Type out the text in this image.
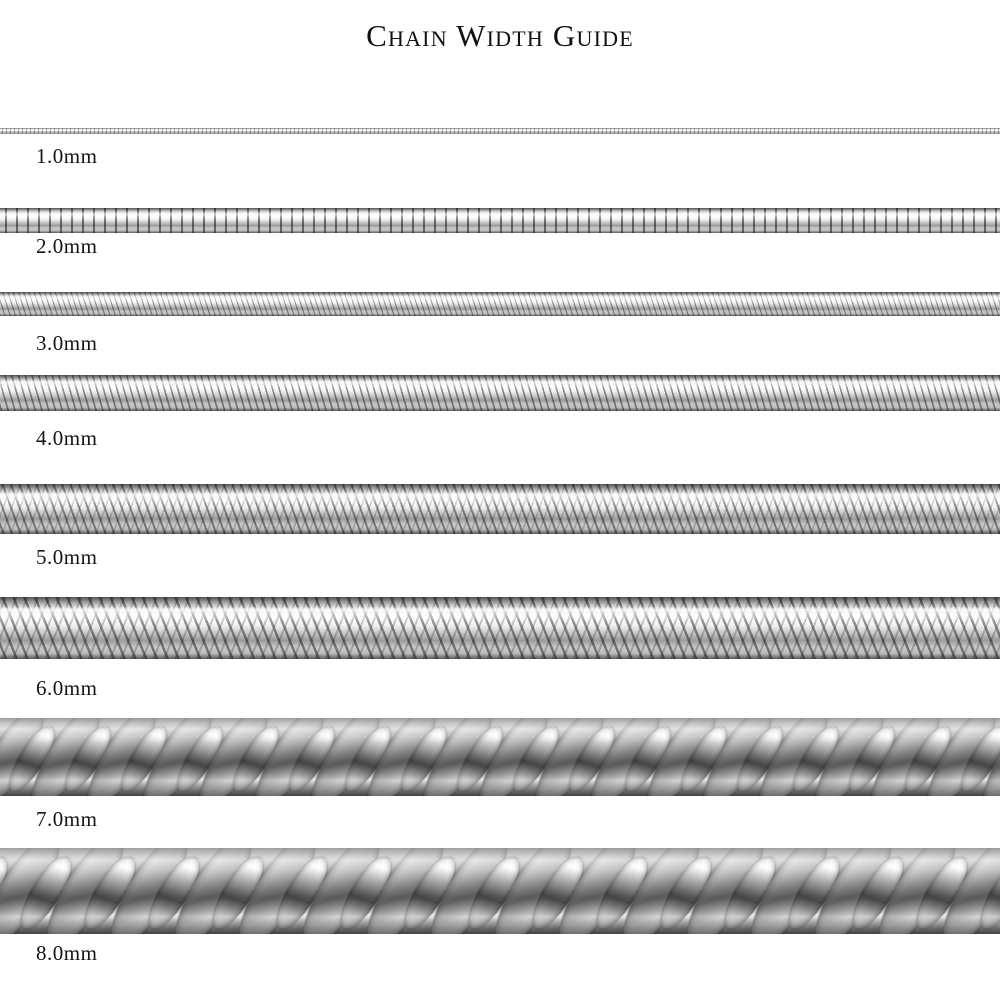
Chain Width Guide
1.0mm
2.0mm
3.0mm
4.0mm
5.0mm
6.0mm
7.0mm
8.0mm
